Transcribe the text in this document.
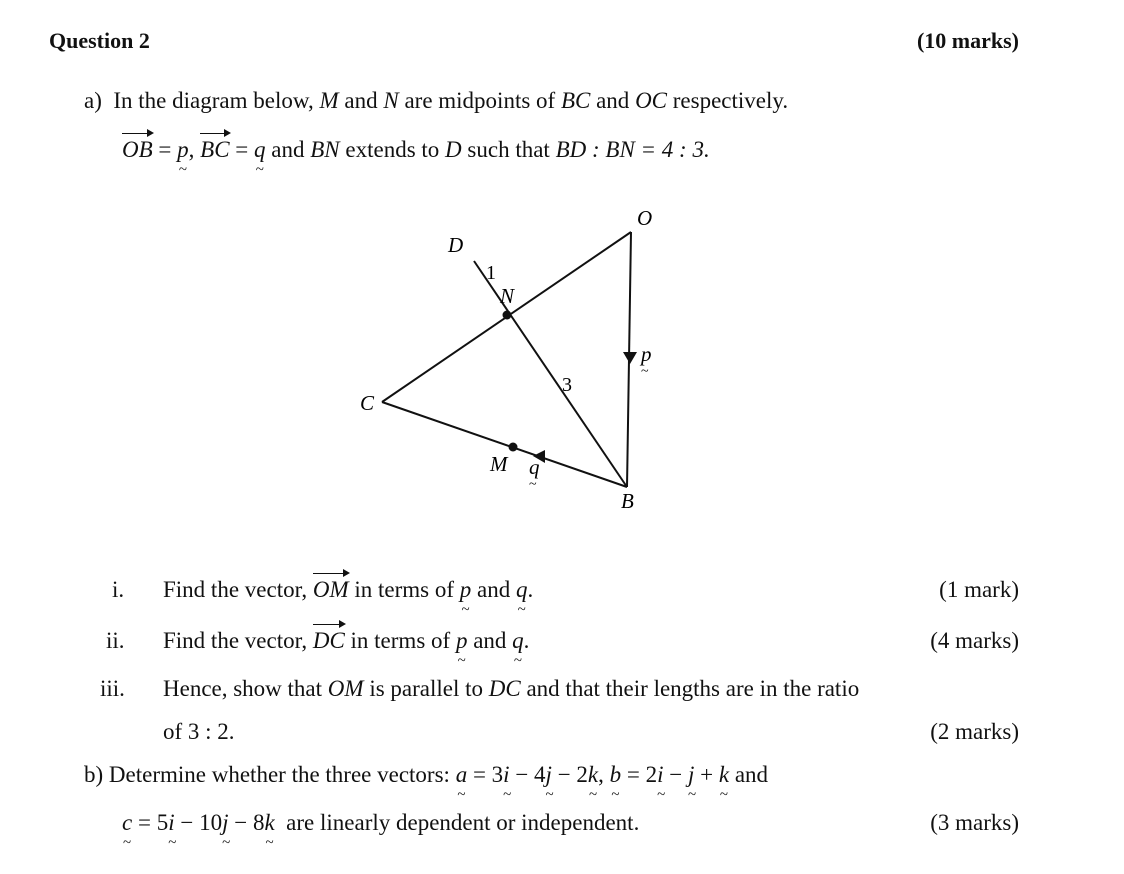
Question 2	(10 marks)
a) In the diagram below, M and N are midpoints of BC and OC respectively.
OB = p ~, BC = q ~ and BN extends to D such that BD : BN = 4 : 3.
O
D
1
N
p
~
3
C
M q
~
B
i. Find the vector, OM in terms of p ~ and q ~.	(1 mark)
ii. Find the vector, DC in terms of p ~ and q ~.	(4 marks)
iii. Hence, show that OM is parallel to DC and that their lengths are in the ratio
of 3 : 2.	(2 marks)
b) Determine whether the three vectors: a ~ = 3i ~ − 4j ~ − 2k ~, b ~ = 2i ~ − j ~ + k ~ and
c ~ = 5i ~ − 10j ~ − 8k ~ are linearly dependent or independent.	(3 marks)
